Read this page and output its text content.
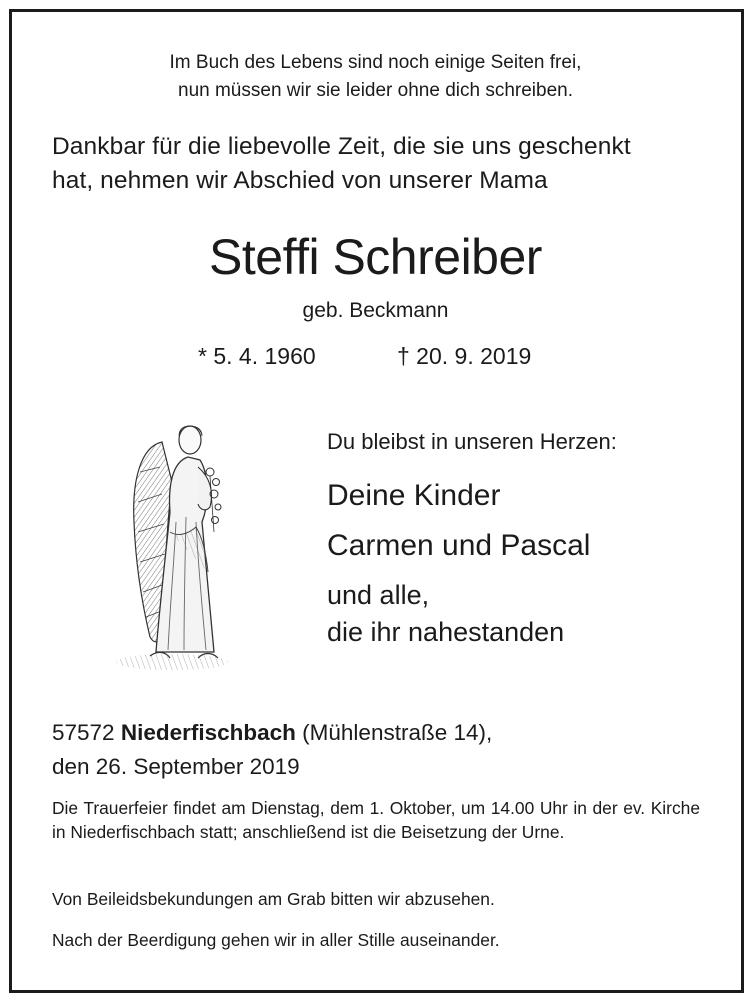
Im Buch des Lebens sind noch einige Seiten frei,

nun müssen wir sie leider ohne dich schreiben.

Dankbar für die liebevolle Zeit, die sie uns geschenkt

hat, nehmen wir Abschied von unserer Mama

Steffi Schreiber

geb. Beckmann

* 5. 4. 1960	† 20. 9. 2019

Du bleibst in unseren Herzen:

Deine Kinder

Carmen und Pascal

und alle,

die ihr nahestanden

57572 Niederfischbach (Mühlenstraße 14),

den 26. September 2019

Die Trauerfeier findet am Dienstag, dem 1. Oktober, um 14.00 Uhr in der ev. Kirche in Niederfischbach statt; anschließend ist die Beisetzung der Urne.

Von Beileidsbekundungen am Grab bitten wir abzusehen.

Nach der Beerdigung gehen wir in aller Stille auseinander.
